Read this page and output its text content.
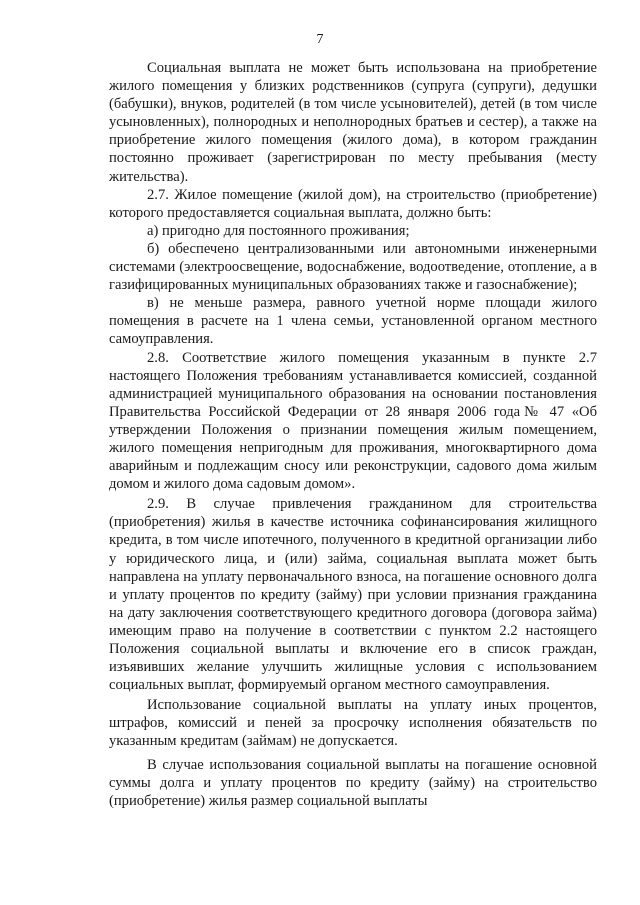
7

Социальная выплата не может быть использована на приобретение жилого помещения у близких родственников (супруга (супруги), дедушки (бабушки), внуков, родителей (в том числе усыновителей), детей (в том числе усыновленных), полнородных и неполнородных братьев и сестер), а также на приобретение жилого помещения (жилого дома), в котором гражданин постоянно проживает (зарегистрирован по месту пребывания (месту жительства).

2.7. Жилое помещение (жилой дом), на строительство (приобретение) которого предоставляется социальная выплата, должно быть:

а) пригодно для постоянного проживания;

б) обеспечено централизованными или автономными инженерными системами (электроосвещение, водоснабжение, водоотведение, отопление, а в газифицированных муниципальных образованиях также и газоснабжение);

в) не меньше размера, равного учетной норме площади жилого помещения в расчете на 1 члена семьи, установленной органом местного самоуправления.

2.8. Соответствие жилого помещения указанным в пункте 2.7 настоящего Положения требованиям устанавливается комиссией, созданной администрацией муниципального образования на основании постановления Правительства Российской Федерации от 28 января 2006 года№ 47 «Об утверждении Положения о признании помещения жилым помещением, жилого помещения непригодным для проживания, многоквартирного дома аварийным и подлежащим сносу или реконструкции, садового дома жилым домом и жилого дома садовым домом».

2.9. В случае привлечения гражданином для строительства (приобретения) жилья в качестве источника софинансирования жилищного кредита, в том числе ипотечного, полученного в кредитной организации либо у юридического лица, и (или) займа, социальная выплата может быть направлена на уплату первоначального взноса, на погашение основного долга и уплату процентов по кредиту (займу) при условии признания гражданина на дату заключения соответствующего кредитного договора (договора займа) имеющим право на получение в соответствии с пунктом 2.2 настоящего Положения социальной выплаты и включение его в список граждан, изъявивших желание улучшить жилищные условия с использованием социальных выплат, формируемый органом местного самоуправления.

Использование социальной выплаты на уплату иных процентов, штрафов, комиссий и пеней за просрочку исполнения обязательств по указанным кредитам (займам) не допускается.

В случае использования социальной выплаты на погашение основной суммы долга и уплату процентов по кредиту (займу) на строительство (приобретение) жилья размер социальной выплаты
